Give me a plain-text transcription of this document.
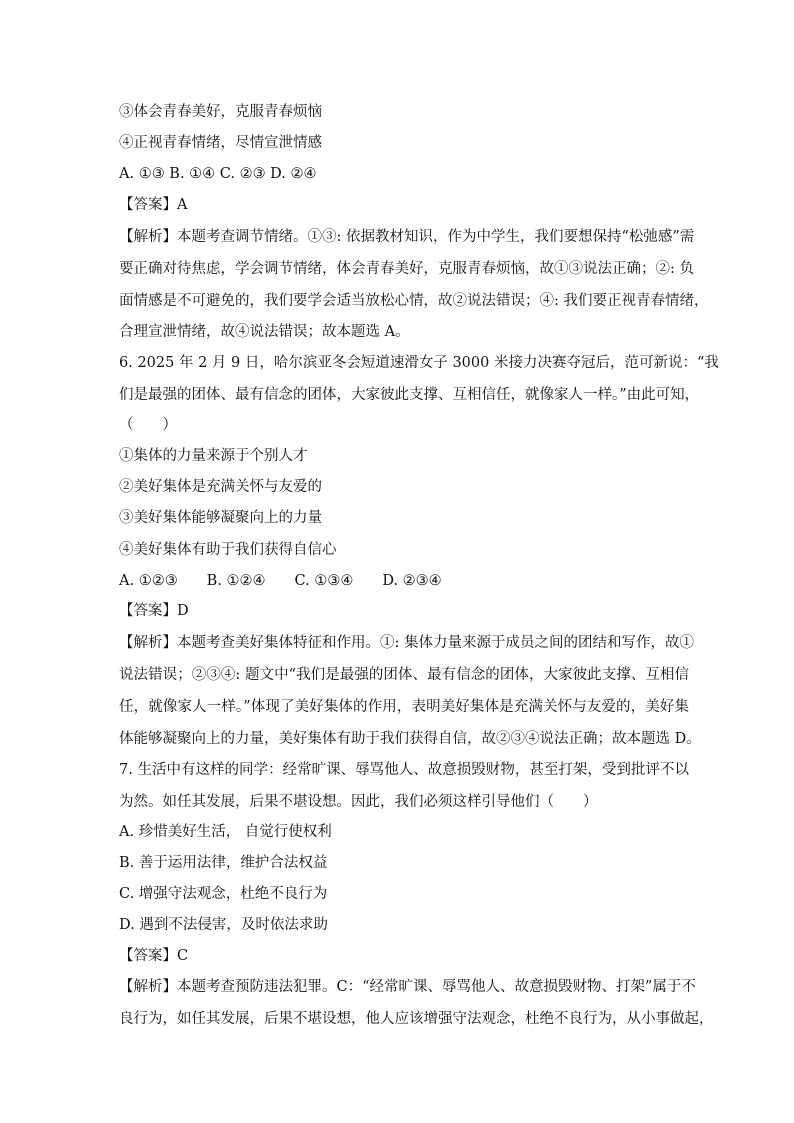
③体会青春美好，克服青春烦恼
④正视青春情绪，尽情宣泄情感
A. ①③ B. ①④ C. ②③ D. ②④
【答案】A
【解析】本题考查调节情绪。①③: 依据教材知识，作为中学生，我们要想保持“松弛感”需
要正确对待焦虑，学会调节情绪，体会青春美好，克服青春烦恼，故①③说法正确；②: 负
面情感是不可避免的，我们要学会适当放松心情，故②说法错误；④: 我们要正视青春情绪，
合理宣泄情绪，故④说法错误；故本题选 A。
6. 2025 年 2 月 9 日，哈尔滨亚冬会短道速滑女子 3000 米接力决赛夺冠后，范可新说：“我
们是最强的团体、最有信念的团体，大家彼此支撑、互相信任，就像家人一样。”由此可知，
（　　）
①集体的力量来源于个别人才
②美好集体是充满关怀与友爱的
③美好集体能够凝聚向上的力量
④美好集体有助于我们获得自信心
A. ①②③　　B. ①②④　　C. ①③④　　D. ②③④
【答案】D
【解析】本题考查美好集体特征和作用。①: 集体力量来源于成员之间的团结和写作，故①
说法错误；②③④: 题文中“我们是最强的团体、最有信念的团体，大家彼此支撑、互相信
任，就像家人一样。”体现了美好集体的作用，表明美好集体是充满关怀与友爱的，美好集
体能够凝聚向上的力量，美好集体有助于我们获得自信，故②③④说法正确；故本题选 D。
7. 生活中有这样的同学：经常旷课、辱骂他人、故意损毁财物，甚至打架，受到批评不以
为然。如任其发展，后果不堪设想。因此，我们必须这样引导他们（　　）
A. 珍惜美好生活， 自觉行使权利
B. 善于运用法律，维护合法权益
C. 增强守法观念，杜绝不良行为
D. 遇到不法侵害，及时依法求助
【答案】C
【解析】本题考查预防违法犯罪。C：“经常旷课、辱骂他人、故意损毁财物、打架”属于不
良行为，如任其发展，后果不堪设想，他人应该增强守法观念，杜绝不良行为，从小事做起，
